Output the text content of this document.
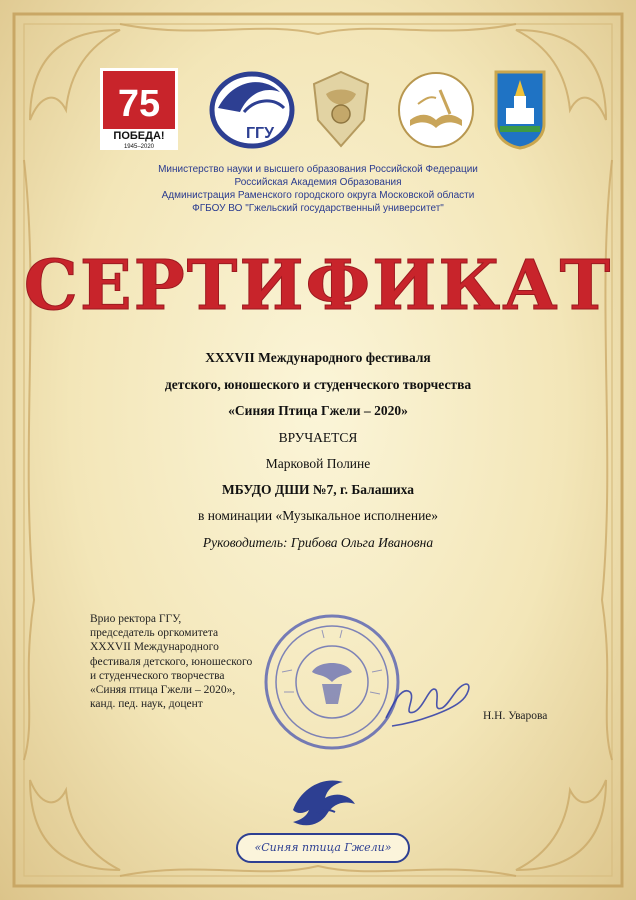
75
ПОБЕДА!
1945–2020
ГГУ
Министерство науки и высшего образования Российской Федерации
Российская Академия Образования
Администрация Раменского городского округа Московской области
ФГБОУ ВО "Гжельский государственный университет"
СЕРТИФИКАТ
XXXVII Международного фестиваля
детского, юношеского и студенческого творчества
«Синяя Птица Гжели – 2020»
ВРУЧАЕТСЯ
Марковой Полине
МБУДО ДШИ №7, г. Балашиха
в номинации «Музыкальное исполнение»
Руководитель: Грибова Ольга Ивановна
Врио ректора ГГУ,
председатель оргкомитета
XXXVII Международного
фестиваля детского, юношеского
и студенческого творчества
«Синяя птица Гжели – 2020»,
канд. пед. наук, доцент
Н.Н. Уварова
«Синяя птица Гжели»
